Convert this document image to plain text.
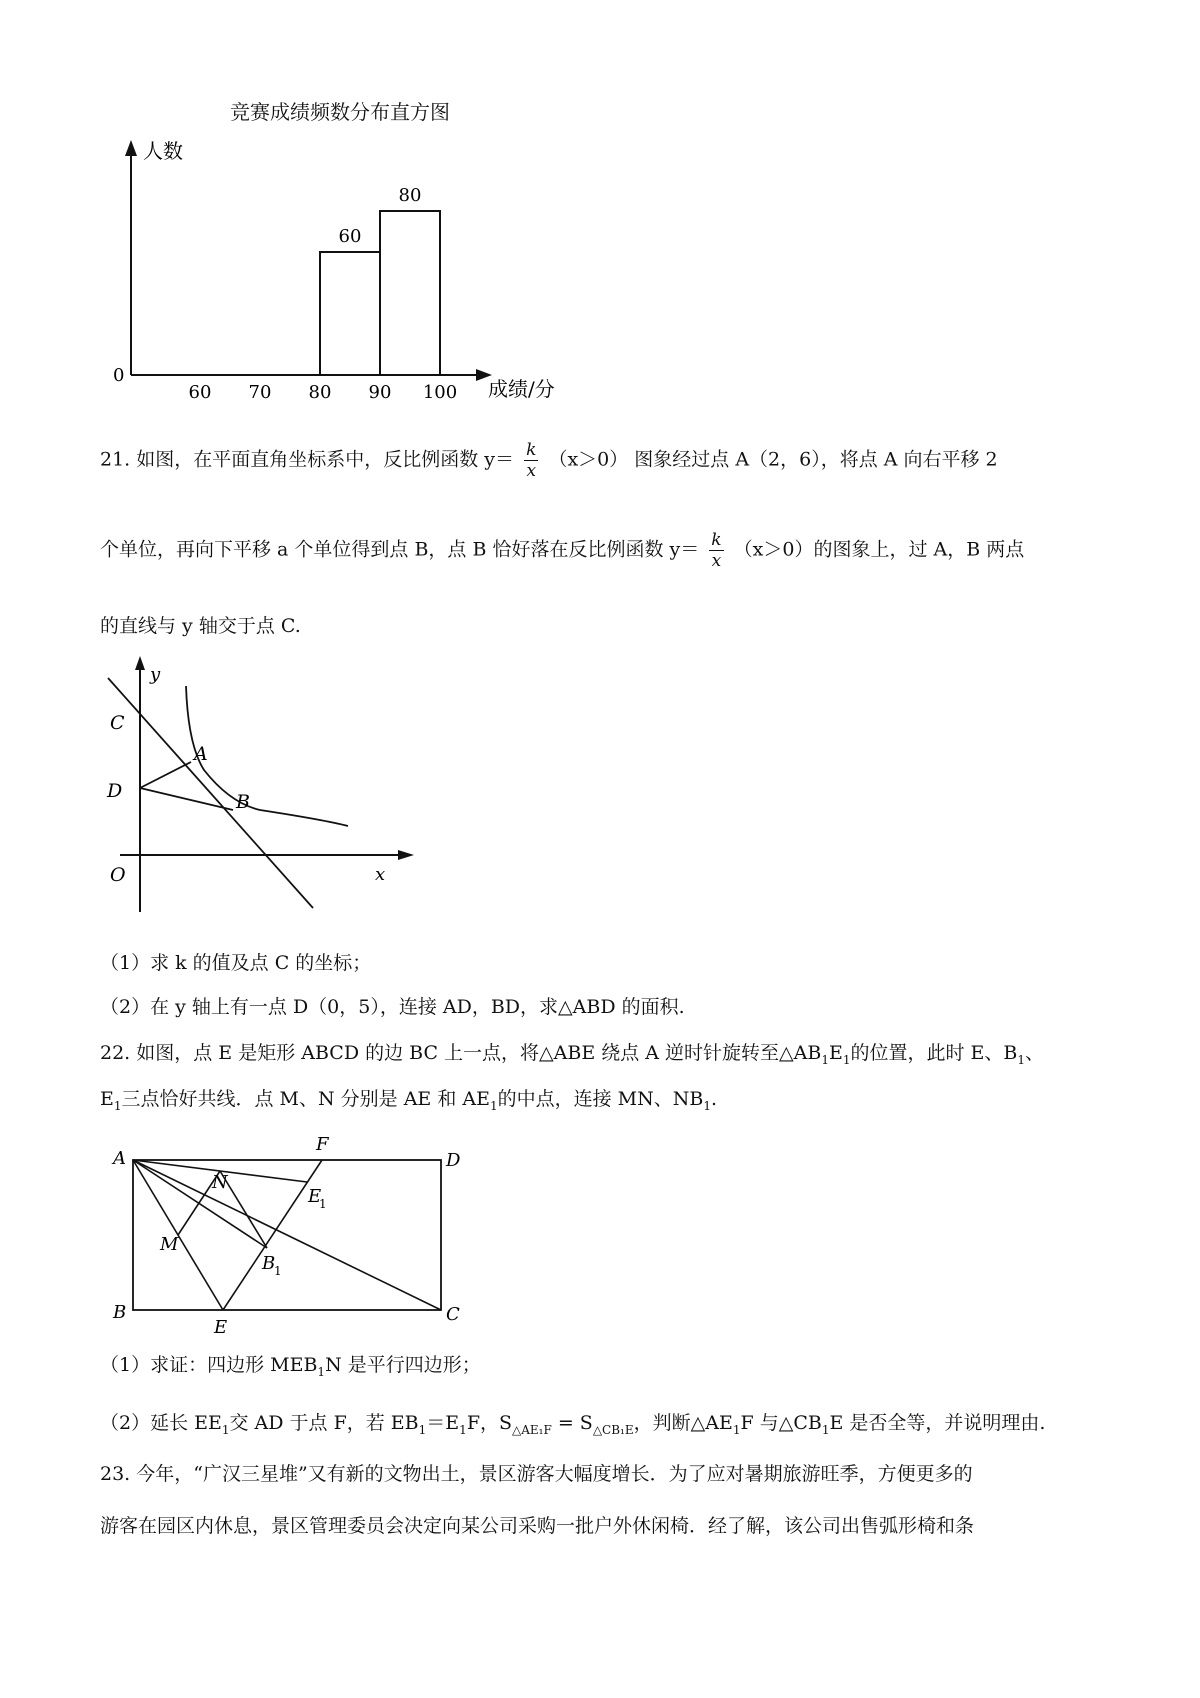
竞赛成绩频数分布直方图
人数
成绩/分
0
60 70 80 90 100
60
80
21. 如图，在平面直角坐标系中，反比例函数 $y= \frac{k}{x} (x>0)$ 图象经过点 A（2，6），将点 A 向右平移 2
个单位，再向下平移 a 个单位得到点 B，点 B 恰好落在反比例函数 $y= \frac{k}{x} (x>0)$的图象上，过 A，B 两点
的直线与 y 轴交于点 C.
y
x
O
C
D
A
B
（1）求 k 的值及点 C 的坐标；
（2）在 y 轴上有一点 D（0，5），连接 AD，BD，求△ABD 的面积.
22. 如图，点 E 是矩形 ABCD 的边 BC 上一点，将△ABE 绕点 A 逆时针旋转至$\triangle AB_1E_1$的位置，此时 E、$B_1$、
$E_1$三点恰好共线．点 M、N 分别是 AE 和 $AE_1$的中点，连接 MN、$NB_1$.
A
B	C
D
E
F
M
N
E
1
B
1
（1）求证：四边形 $MEB_1N$ 是平行四边形；
（2）延长 $EE_1$交 AD 于点 F，若 $EB_1=E_1F$，$S_{\triangle AE_1F} = S_{\triangle CB_1E}$，判断$\triangle AE_1F$ 与$\triangle CB_1E$ 是否全等，并说明理由.
23. 今年，“广汉三星堆”又有新的文物出土，景区游客大幅度增长．为了应对暑期旅游旺季，方便更多的
游客在园区内休息，景区管理委员会决定向某公司采购一批户外休闲椅．经了解，该公司出售弧形椅和条
